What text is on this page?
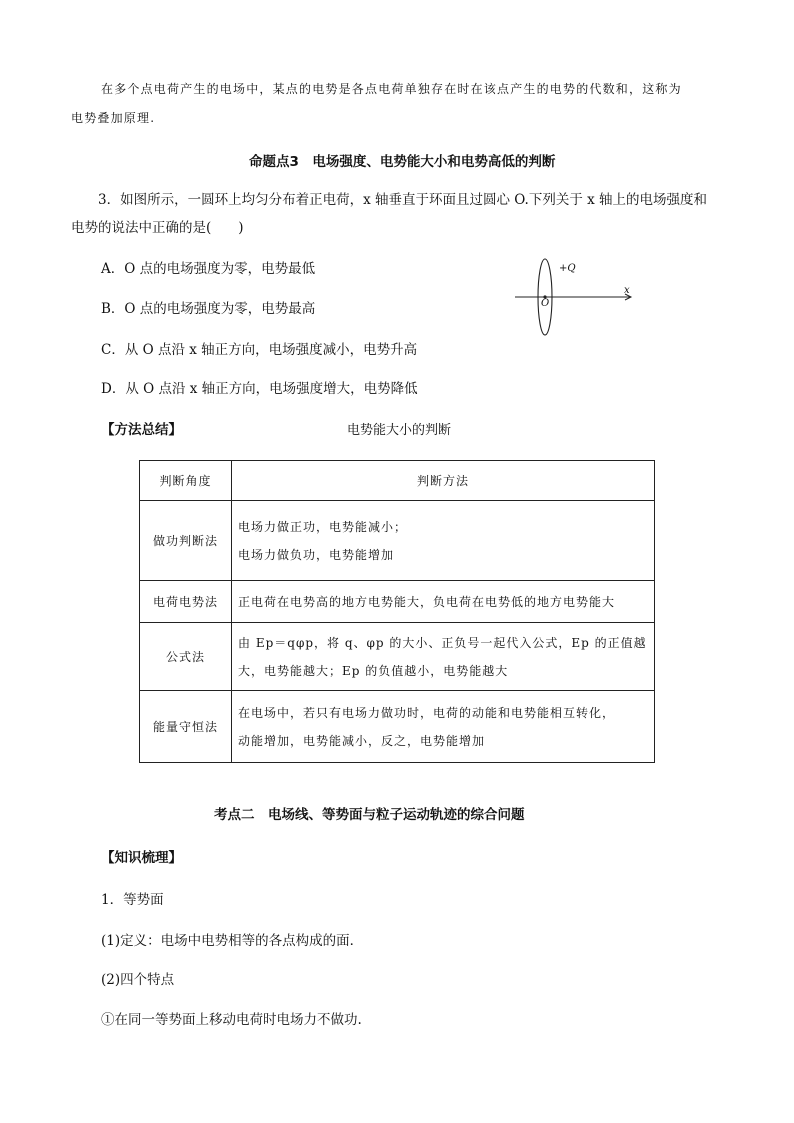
在多个点电荷产生的电场中，某点的电势是各点电荷单独存在时在该点产生的电势的代数和，这称为
电势叠加原理.
命题点3　电场强度、电势能大小和电势高低的判断
3．如图所示，一圆环上均匀分布着正电荷，x 轴垂直于环面且过圆心 O.下列关于 x 轴上的电场强度和
电势的说法中正确的是(　　)
A．O 点的电场强度为零，电势最低
B．O 点的电场强度为零，电势最高
C．从 O 点沿 x 轴正方向，电场强度减小，电势升高
D．从 O 点沿 x 轴正方向，电场强度增大，电势降低
+Q
O
x
【方法总结】	电势能大小的判断
判断角度	判断方法
做功判断法	电场力做正功，电势能减小；
电场力做负功，电势能增加

电荷电势法	正电荷在电势高的地方电势能大，负电荷在电势低的地方电势能大

公式法	由 Ep＝qφp，将 q、φp 的大小、正负号一起代入公式，Ep 的正值越
大，电势能越大；Ep 的负值越小，电势能越大

能量守恒法	在电场中，若只有电场力做功时，电荷的动能和电势能相互转化，
动能增加，电势能减小，反之，电势能增加
考点二　电场线、等势面与粒子运动轨迹的综合问题
【知识梳理】
1．等势面
(1)定义：电场中电势相等的各点构成的面．
(2)四个特点
①在同一等势面上移动电荷时电场力不做功.
